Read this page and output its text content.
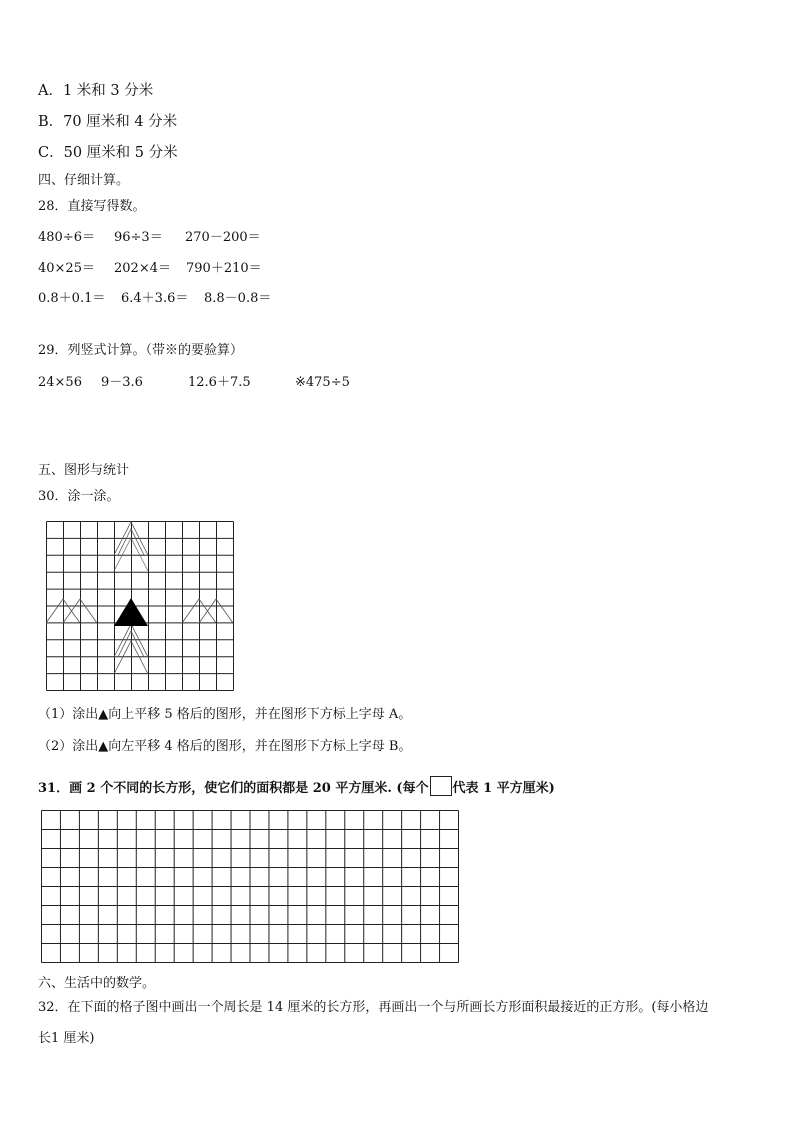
A．1 米和 3 分米
B．70 厘米和 4 分米
C．50 厘米和 5 分米
四、仔细计算。
28．直接写得数。
480÷6＝ 96÷3＝ 270－200＝
40×25＝ 202×4＝ 790＋210＝
0.8＋0.1＝ 6.4＋3.6＝ 8.8－0.8＝
29．列竖式计算。（带※的要验算）
24×56 9－3.6	12.6＋7.5	※475÷5
五、图形与统计
30．涂一涂。
（1）涂出▲向上平移 5 格后的图形，并在图形下方标上字母 A。
（2）涂出▲向左平移 4 格后的图形，并在图形下方标上字母 B。
31．画 2 个不同的长方形，使它们的面积都是 20 平方厘米. (每个 代表 1 平方厘米)
六、生活中的数学。
32．在下面的格子图中画出一个周长是 14 厘米的长方形，再画出一个与所画长方形面积最接近的正方形。(每小格边
长1 厘米)
